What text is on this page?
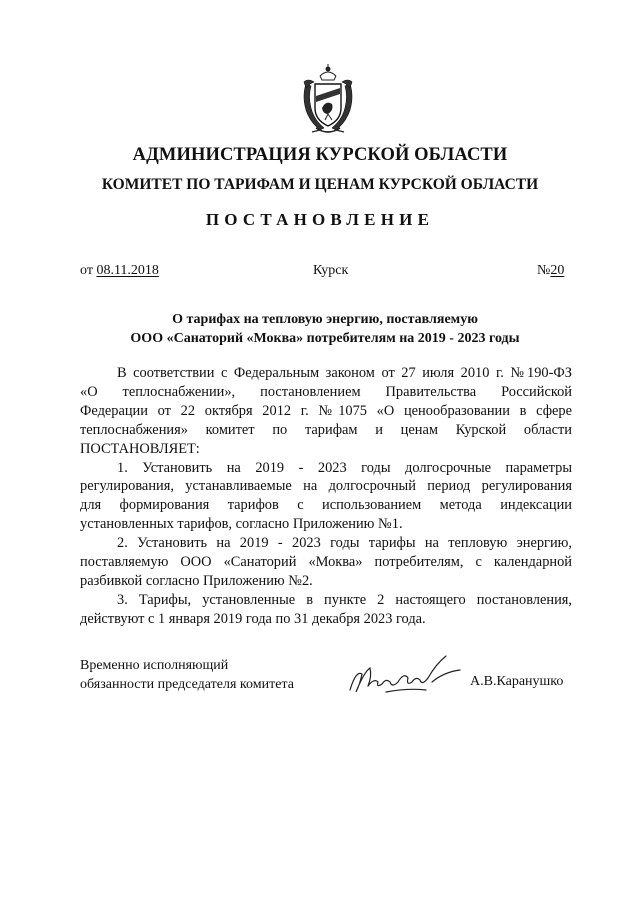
АДМИНИСТРАЦИЯ КУРСКОЙ ОБЛАСТИ
КОМИТЕТ ПО ТАРИФАМ И ЦЕНАМ КУРСКОЙ ОБЛАСТИ
ПОСТАНОВЛЕНИЕ
от 08.11.2018	Курск	№20
О тарифах на тепловую энергию, поставляемую
ООО «Санаторий «Моква» потребителям на 2019 - 2023 годы

В соответствии с Федеральным законом от 27 июля 2010 г. №190-ФЗ

«О теплоснабжении», постановлением Правительства Российской

Федерации от 22 октября 2012 г. №1075 «О ценообразовании в сфере

теплоснабжения» комитет по тарифам и ценам Курской области

ПОСТАНОВЛЯЕТ:

1. Установить на 2019 - 2023 годы долгосрочные параметры

регулирования, устанавливаемые на долгосрочный период регулирования

для формирования тарифов с использованием метода индексации

установленных тарифов, согласно Приложению №1.

2. Установить на 2019 - 2023 годы тарифы на тепловую энергию,

поставляемую ООО «Санаторий «Моква» потребителям, с календарной

разбивкой согласно Приложению №2.

3. Тарифы, установленные в пункте 2 настоящего постановления,

действуют с 1 января 2019 года по 31 декабря 2023 года.

Временно исполняющий
обязанности председателя комитета	А.В.Каранушко
